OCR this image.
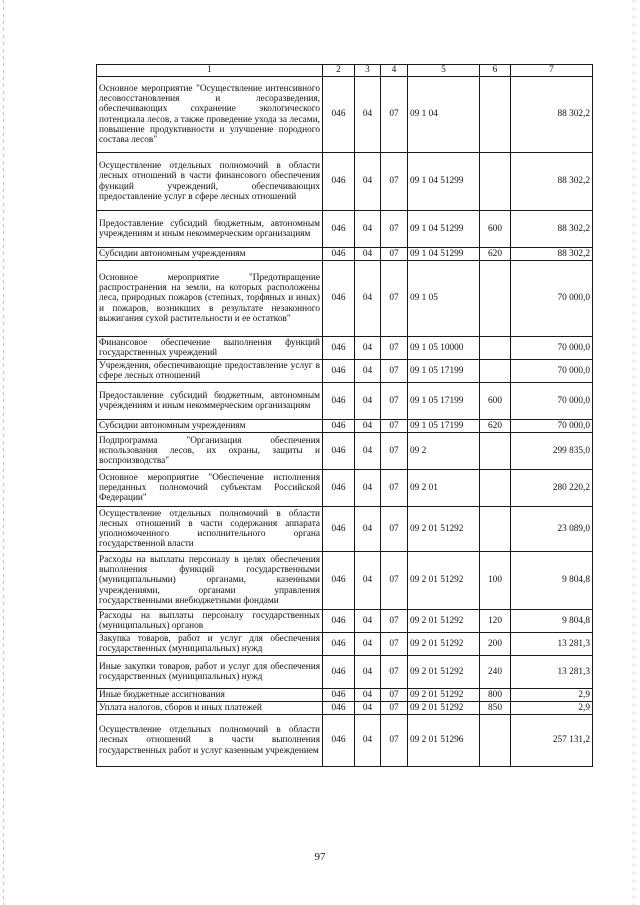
1	2	3	4	5	6	7
Основное мероприятие "Осуществление интенсивного лесовосстановления и лесоразведения, обеспечивающих сохранение экологического потенциала лесов, а также проведение ухода за лесами, повышение продуктивности и улучшение породного состава лесов"	046	04	07	09 1 04		88 302,2
Осуществление отдельных полномочий в области лесных отношений в части финансового обеспечения функций учреждений, обеспечивающих предоставление услуг в сфере лесных отношений	046	04	07	09 1 04 51299		88 302,2
Предоставление субсидий бюджетным, автономным учреждениям и иным некоммерческим организациям	046	04	07	09 1 04 51299	600	88 302,2
Субсидии автономным учреждениям	046	04	07	09 1 04 51299	620	88 302,2
Основное мероприятие "Предотвращение распространения на земли, на которых расположены леса, природных пожаров (степных, торфяных и иных) и пожаров, возникших в результате незаконного выжигания сухой растительности и ее остатков"	046	04	07	09 1 05		70 000,0
Финансовое обеспечение выполнения функций государственных учреждений	046	04	07	09 1 05 10000		70 000,0
Учреждения, обеспечивающие предоставление услуг в сфере лесных отношений	046	04	07	09 1 05 17199		70 000,0
Предоставление субсидий бюджетным, автономным учреждениям и иным некоммерческим организациям	046	04	07	09 1 05 17199	600	70 000,0
Субсидии автономным учреждениям	046	04	07	09 1 05 17199	620	70 000,0
Подпрограмма "Организация обеспечения использования лесов, их охраны, защиты и воспроизводства"	046	04	07	09 2		299 835,0
Основное мероприятие "Обеспечение исполнения переданных полномочий субъектам Российской Федерации"	046	04	07	09 2 01		280 220,2
Осуществление отдельных полномочий в области лесных отношений в части содержания аппарата уполномоченного исполнительного органа государственной власти	046	04	07	09 2 01 51292		23 089,0
Расходы на выплаты персоналу в целях обеспечения выполнения функций государственными (муниципальными) органами, казенными учреждениями, органами управления государственными внебюджетными фондами	046	04	07	09 2 01 51292	100	9 804,8
Расходы на выплаты персоналу государственных (муниципальных) органов	046	04	07	09 2 01 51292	120	9 804,8
Закупка товаров, работ и услуг для обеспечения государственных (муниципальных) нужд	046	04	07	09 2 01 51292	200	13 281,3
Иные закупки товаров, работ и услуг для обеспечения государственных (муниципальных) нужд	046	04	07	09 2 01 51292	240	13 281,3
Иные бюджетные ассигнования	046	04	07	09 2 01 51292	800	2,9
Уплата налогов, сборов и иных платежей	046	04	07	09 2 01 51292	850	2,9
Осуществление отдельных полномочий в области лесных отношений в части выполнения государственных работ и услуг казенным учреждением	046	04	07	09 2 01 51296		257 131,2
97
